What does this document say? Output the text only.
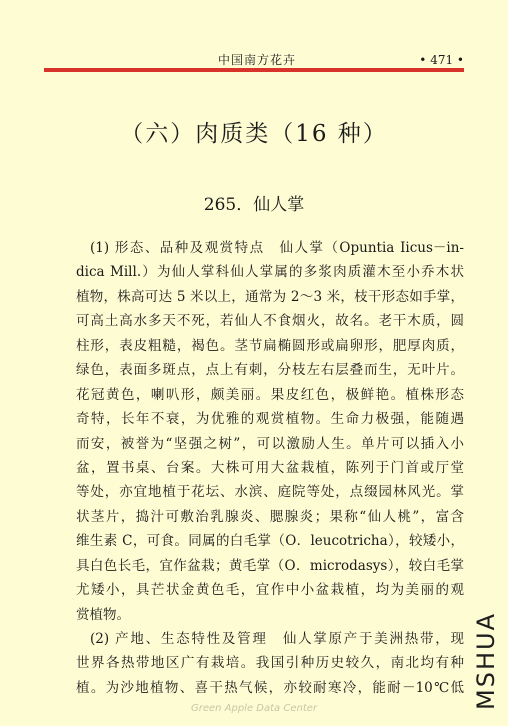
中国南方花卉	• 471 •
（六）肉质类（16 种）
265．仙人掌
(1) 形态、品种及观赏特点　仙人掌（Opuntia Iicus－in-
dica Mill.）为仙人掌科仙人掌属的多浆肉质灌木至小乔木状
植物，株高可达 5 米以上，通常为 2～3 米，枝干形态如手掌，
可高土高水多天不死，若仙人不食烟火，故名。老干木质，圆
柱形，表皮粗糙，褐色。茎节扁椭圆形或扁卵形，肥厚肉质，
绿色，表面多斑点，点上有刺，分枝左右层叠而生，无叶片。
花冠黄色，喇叭形，颇美丽。果皮红色，极鲜艳。植株形态
奇特，长年不衰，为优雅的观赏植物。生命力极强，能随遇
而安，被誉为“坚强之树”，可以激励人生。单片可以插入小
盆，置书桌、台案。大株可用大盆栽植，陈列于门首或厅堂
等处，亦宜地植于花坛、水滨、庭院等处，点缀园林风光。掌
状茎片，捣汁可敷治乳腺炎、腮腺炎；果称“仙人桃”，富含
维生素 C，可食。同属的白毛掌（O．leucotricha），较矮小，
具白色长毛，宜作盆栽；黄毛掌（O．microdasys），较白毛掌
尤矮小，具芒状金黄色毛，宜作中小盆栽植，均为美丽的观
赏植物。
(2) 产地、生态特性及管理　仙人掌原产于美洲热带，现
世界各热带地区广有栽培。我国引种历史较久，南北均有种
植。为沙地植物、喜干热气候，亦较耐寒冷，能耐－10℃低 MSHUA
Green Apple Data Center
